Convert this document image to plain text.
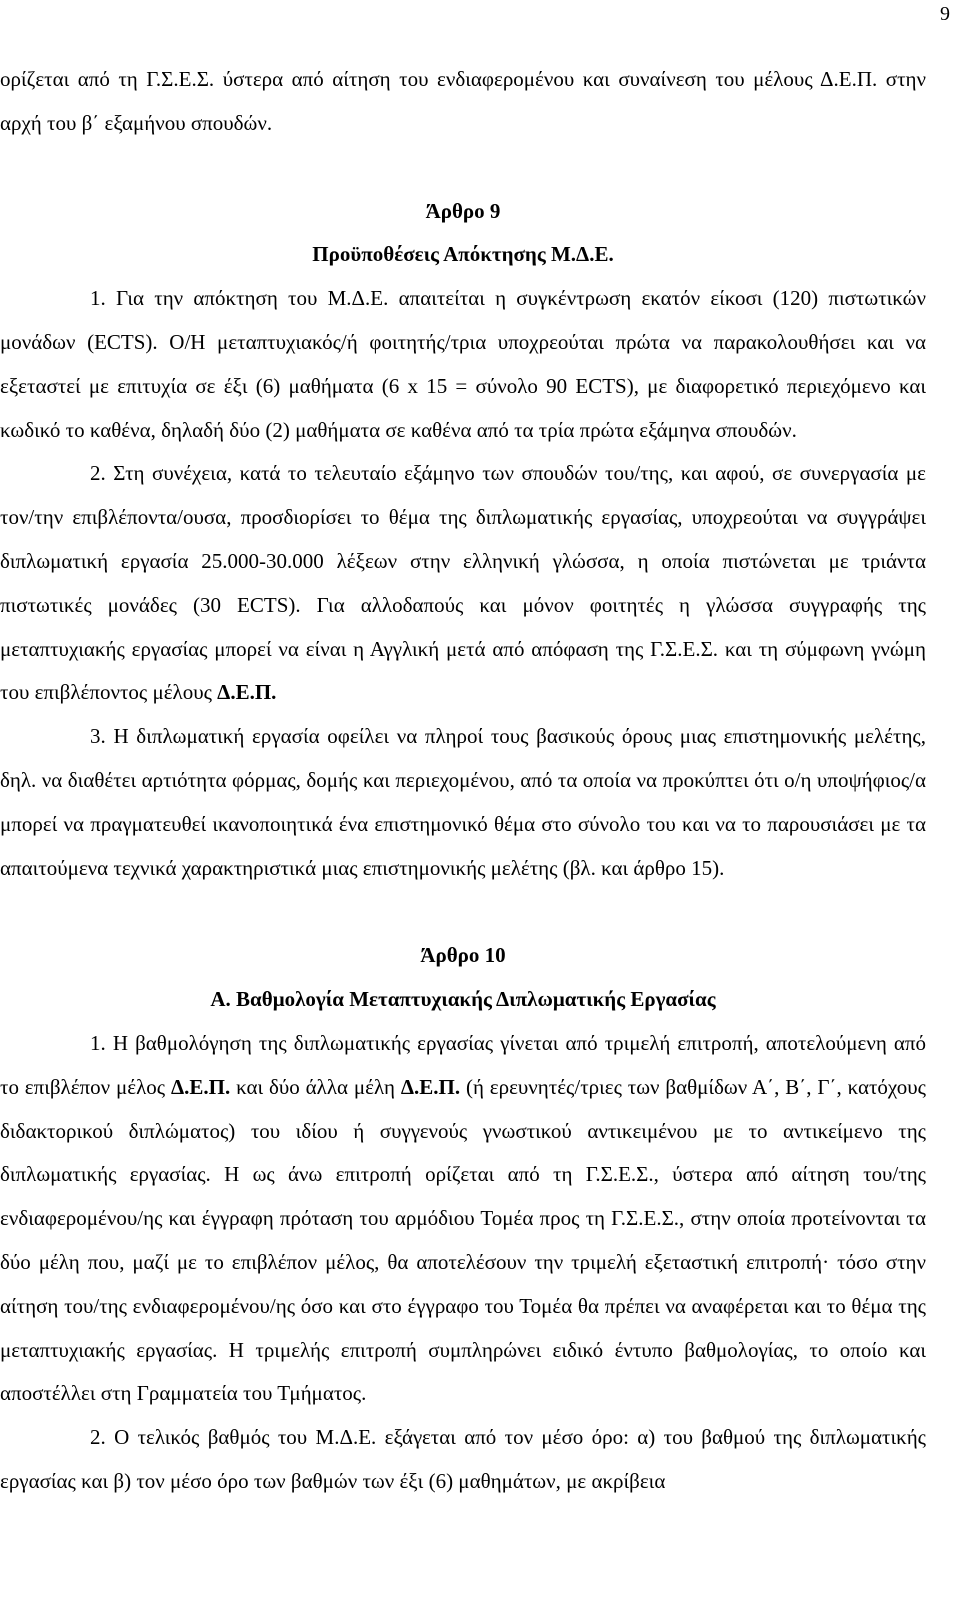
9

ορίζεται από τη Γ.Σ.Ε.Σ. ύστερα από αίτηση του ενδιαφερομένου και συναίνεση του μέλους Δ.Ε.Π. στην αρχή του β΄ εξαμήνου σπουδών.

Άρθρο 9
Προϋποθέσεις Απόκτησης Μ.Δ.Ε.

1. Για την απόκτηση του Μ.Δ.Ε. απαιτείται η συγκέντρωση εκατόν είκοσι (120) πιστωτικών μονάδων (ECTS). Ο/Η μεταπτυχιακός/ή φοιτητής/τρια υποχρεούται πρώτα να παρακολουθήσει και να εξεταστεί με επιτυχία σε έξι (6) μαθήματα (6 x 15 = σύνολο 90 ECTS), με διαφορετικό περιεχόμενο και κωδικό το καθένα, δηλαδή δύο (2) μαθήματα σε καθένα από τα τρία πρώτα εξάμηνα σπουδών.

2. Στη συνέχεια, κατά το τελευταίο εξάμηνο των σπουδών του/της, και αφού, σε συνεργασία με τον/την επιβλέποντα/ουσα, προσδιορίσει το θέμα της διπλωματικής εργασίας, υποχρεούται να συγγράψει διπλωματική εργασία 25.000-30.000 λέξεων στην ελληνική γλώσσα, η οποία πιστώνεται με τριάντα πιστωτικές μονάδες (30 ECTS). Για αλλοδαπούς και μόνον φοιτητές η γλώσσα συγγραφής της μεταπτυχιακής εργασίας μπορεί να είναι η Αγγλική μετά από απόφαση της Γ.Σ.Ε.Σ. και τη σύμφωνη γνώμη του επιβλέποντος μέλους Δ.Ε.Π.

3. Η διπλωματική εργασία οφείλει να πληροί τους βασικούς όρους μιας επιστημονικής μελέτης, δηλ. να διαθέτει αρτιότητα φόρμας, δομής και περιεχομένου, από τα οποία να προκύπτει ότι ο/η υποψήφιος/α μπορεί να πραγματευθεί ικανοποιητικά ένα επιστημονικό θέμα στο σύνολο του και να το παρουσιάσει με τα απαιτούμενα τεχνικά χαρακτηριστικά μιας επιστημονικής μελέτης (βλ. και άρθρο 15).

Άρθρο 10
Α. Βαθμολογία Μεταπτυχιακής Διπλωματικής Εργασίας

1. Η βαθμολόγηση της διπλωματικής εργασίας γίνεται από τριμελή επιτροπή, αποτελούμενη από το επιβλέπον μέλος Δ.Ε.Π. και δύο άλλα μέλη Δ.Ε.Π. (ή ερευνητές/τριες των βαθμίδων Α΄, Β΄, Γ΄, κατόχους διδακτορικού διπλώματος) του ιδίου ή συγγενούς γνωστικού αντικειμένου με το αντικείμενο της διπλωματικής εργασίας. Η ως άνω επιτροπή ορίζεται από τη Γ.Σ.Ε.Σ., ύστερα από αίτηση του/της ενδιαφερομένου/ης και έγγραφη πρόταση του αρμόδιου Τομέα προς τη Γ.Σ.Ε.Σ., στην οποία προτείνονται τα δύο μέλη που, μαζί με το επιβλέπον μέλος, θα αποτελέσουν την τριμελή εξεταστική επιτροπή· τόσο στην αίτηση του/της ενδιαφερομένου/ης όσο και στο έγγραφο του Τομέα θα πρέπει να αναφέρεται και το θέμα της μεταπτυχιακής εργασίας. Η τριμελής επιτροπή συμπληρώνει ειδικό έντυπο βαθμολογίας, το οποίο και αποστέλλει στη Γραμματεία του Τμήματος.

2. Ο τελικός βαθμός του Μ.Δ.Ε. εξάγεται από τον μέσο όρο: α) του βαθμού της διπλωματικής εργασίας και β) τον μέσο όρο των βαθμών των έξι (6) μαθημάτων, με ακρίβεια
